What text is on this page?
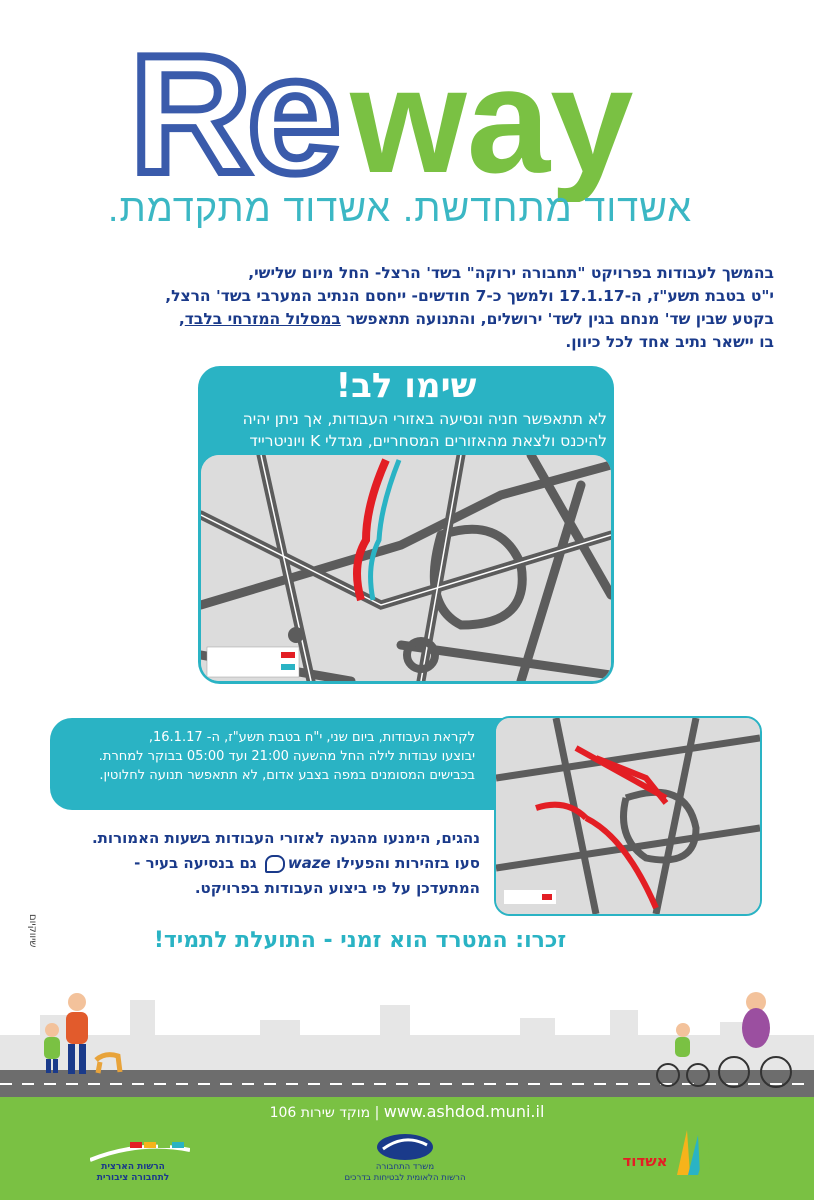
Re way
אשדוד מתחדשת. אשדוד מתקדמת.
בהמשך לעבודות בפרויקט "תחבורה ירוקה" בשד' הרצל- החל מיום שלישי,
י"ט בטבת תשע"ז, ה-17.1.17 ולמשך כ-7 חודשים- ייחסם הנתיב המערבי בשד' הרצל,
בקטע שבין שד' מנחם בגין לשד' ירושלים, והתנועה תתאפשר במסלול המזרחי בלבד,
בו יישאר נתיב אחד לכל כיוון.
שימו לב!
לא תתאפשר חניה ונסיעה באזורי העבודות, אך ניתן יהיה
להיכנס ולצאת מהאזורים המסחריים, מגדלי K ויוניטרייד
לקראת העבודות, ביום שני, י"ח בטבת תשע"ז, ה- 16.1.17,
יבוצעו עבודות לילה החל מהשעה 21:00 ועד 05:00 בבוקר למחרת.
בכבישים המסומנים במפה בצבע אדום, לא תתאפשר תנועה לחלוטין.
נהגים, הימנעו מהגעה לאזורי העבודות בשעות האמורות.
סעו בזהירות והפעילו waze גם בנסיעה בעיר -
המתעדכן על פי ביצוע העבודות בפרויקט.
זכרו: המטרד הוא זמני - התועלת לתמיד!
שיווקיום
מוקד שירות 106 | www.ashdod.muni.il
הרשות הארצית
לתחבורה ציבורית
משרד התחבורה
הרשות הלאומית לבטיחות בדרכים
אשדוד
